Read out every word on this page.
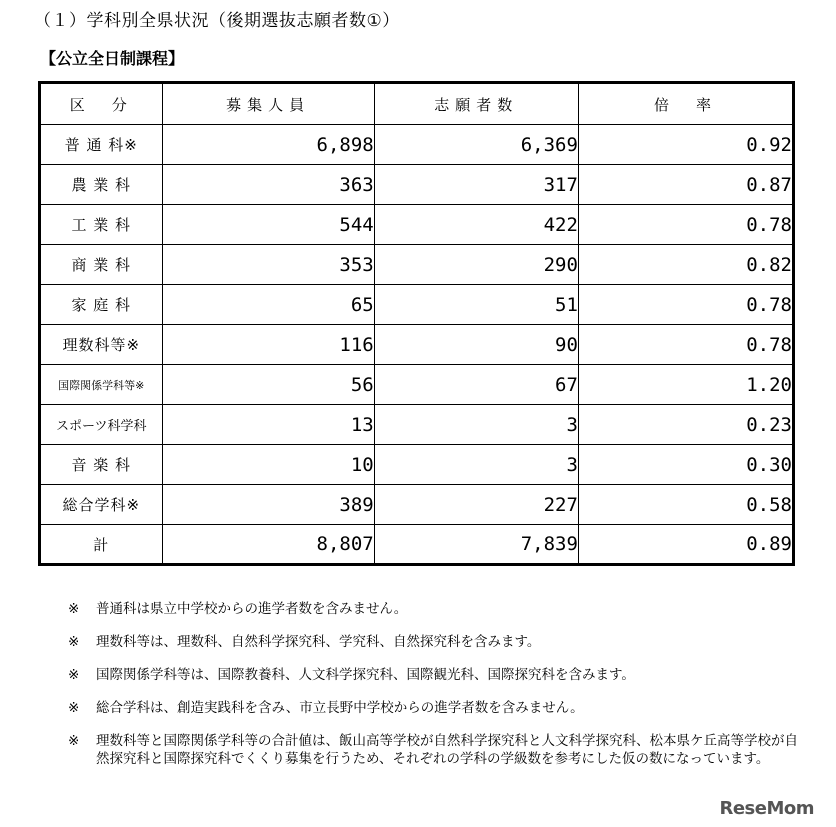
（１）学科別全県状況（後期選抜志願者数①）
【公立全日制課程】
区　分	募集人員	志願者数	倍　率
普 通 科※	6,898	6,369	0.92
農 業 科	363	317	0.87
工 業 科	544	422	0.78
商 業 科	353	290	0.82
家 庭 科	65	51	0.78
理数科等※	116	90	0.78
国際関係学科等※	56	67	1.20
スポーツ科学科	13	3	0.23
音 楽 科	10	3	0.30
総合学科※	389	227	0.58
計	8,807	7,839	0.89
※	普通科は県立中学校からの進学者数を含みません。
※	理数科等は、理数科、自然科学探究科、学究科、自然探究科を含みます。
※	国際関係学科等は、国際教養科、人文科学探究科、国際観光科、国際探究科を含みます。
※	総合学科は、創造実践科を含み、市立長野中学校からの進学者数を含みません。
※	理数科等と国際関係学科等の合計値は、飯山高等学校が自然科学探究科と人文科学探究科、松本県ケ丘高等学校が自然探究科と国際探究科でくくり募集を行うため、それぞれの学科の学級数を参考にした仮の数になっています。
ReseMom
